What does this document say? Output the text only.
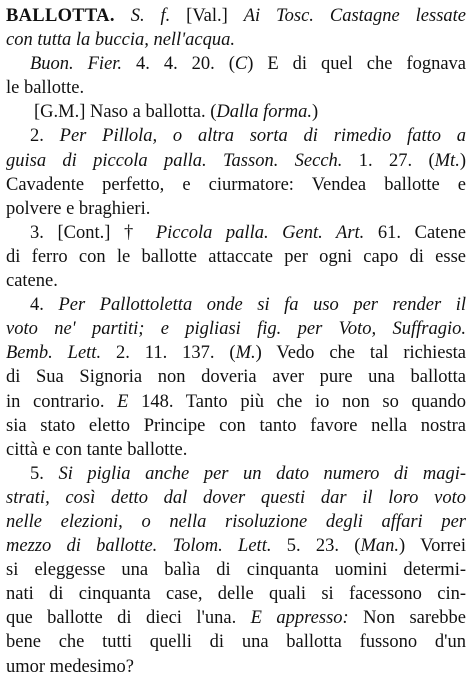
BALLOTTA. S. f. [Val.] Ai Tosc. Castagne lessate
con tutta la buccia, nell'acqua.
Buon. Fier. 4. 4. 20. (C) E di quel che fognava
le ballotte.
[G.M.] Naso a ballotta. (Dalla forma.)
2. Per Pillola, o altra sorta di rimedio fatto a
guisa di piccola palla. Tasson. Secch. 1. 27. (Mt.)
Cavadente perfetto, e ciurmatore: Vendea ballotte e
polvere e braghieri.
3. [Cont.] † Piccola palla. Gent. Art. 61. Catene
di ferro con le ballotte attaccate per ogni capo di esse
catene.
4. Per Pallottoletta onde si fa uso per render il
voto ne' partiti; e pigliasi fig. per Voto, Suffragio.
Bemb. Lett. 2. 11. 137. (M.) Vedo che tal richiesta
di Sua Signoria non doveria aver pure una ballotta
in contrario. E 148. Tanto più che io non so quando
sia stato eletto Principe con tanto favore nella nostra
città e con tante ballotte.
5. Si piglia anche per un dato numero di magi-
strati, così detto dal dover questi dar il loro voto
nelle elezioni, o nella risoluzione degli affari per
mezzo di ballotte. Tolom. Lett. 5. 23. (Man.) Vorrei
si eleggesse una balìa di cinquanta uomini determi-
nati di cinquanta case, delle quali si facessono cin-
que ballotte di dieci l'una. E appresso: Non sarebbe
bene che tutti quelli di una ballotta fussono d'un
umor medesimo?
